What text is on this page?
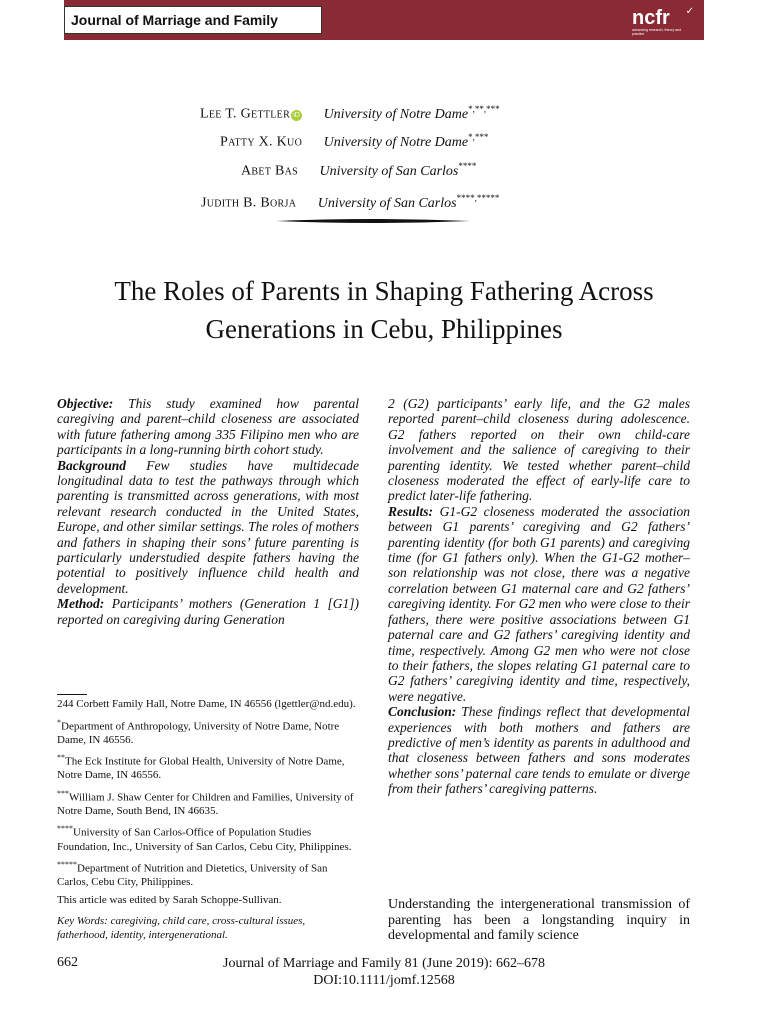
Journal of Marriage and Family	ncfr
advancing research, theory and practice
✓
Lee T. Gettler iD University of Notre Dame*,**,***
Patty X. Kuo University of Notre Dame*,***
Abet Bas University of San Carlos****
Judith B. Borja University of San Carlos****,*****
The Roles of Parents in Shaping Fathering Across
Generations in Cebu, Philippines

Objective: This study examined how parental caregiving and parent–child closeness are associated with future fathering among 335 Filipino men who are participants in a long-running birth cohort study.

Background Few studies have multidecade longitudinal data to test the pathways through which parenting is transmitted across generations, with most relevant research conducted in the United States, Europe, and other similar settings. The roles of mothers and fathers in shaping their sons’ future parenting is particularly understudied despite fathers having the potential to positively influence child health and development.

Method: Participants’ mothers (Generation 1 [G1]) reported on caregiving during Generation

2 (G2) participants’ early life, and the G2 males reported parent–child closeness during adolescence. G2 fathers reported on their own child-care involvement and the salience of caregiving to their parenting identity. We tested whether parent–child closeness moderated the effect of early-life care to predict later-life fathering.

Results: G1-G2 closeness moderated the association between G1 parents’ caregiving and G2 fathers’ parenting identity (for both G1 parents) and caregiving time (for G1 fathers only). When the G1-G2 mother–son relationship was not close, there was a negative correlation between G1 maternal care and G2 fathers’ caregiving identity. For G2 men who were close to their fathers, there were positive associations between G1 paternal care and G2 fathers’ caregiving identity and time, respectively. Among G2 men who were not close to their fathers, the slopes relating G1 paternal care to G2 fathers’ caregiving identity and time, respectively, were negative.

Conclusion: These findings reflect that developmental experiences with both mothers and fathers are predictive of men’s identity as parents in adulthood and that closeness between fathers and sons moderates whether sons’ paternal care tends to emulate or diverge from their fathers’ caregiving patterns.

244 Corbett Family Hall, Notre Dame, IN 46556 (lgettler@nd.edu).

*Department of Anthropology, University of Notre Dame, Notre Dame, IN 46556.

**The Eck Institute for Global Health, University of Notre Dame, Notre Dame, IN 46556.

***William J. Shaw Center for Children and Families, University of Notre Dame, South Bend, IN 46635.

****University of San Carlos-Office of Population Studies Foundation, Inc., University of San Carlos, Cebu City, Philippines.

*****Department of Nutrition and Dietetics, University of San Carlos, Cebu City, Philippines.

This article was edited by Sarah Schoppe-Sullivan.

Key Words: caregiving, child care, cross-cultural issues, fatherhood, identity, intergenerational.

Understanding the intergenerational transmission of parenting has been a longstanding inquiry in developmental and family science
662	Journal of Marriage and Family 81 (June 2019): 662–678
DOI:10.1111/jomf.12568
